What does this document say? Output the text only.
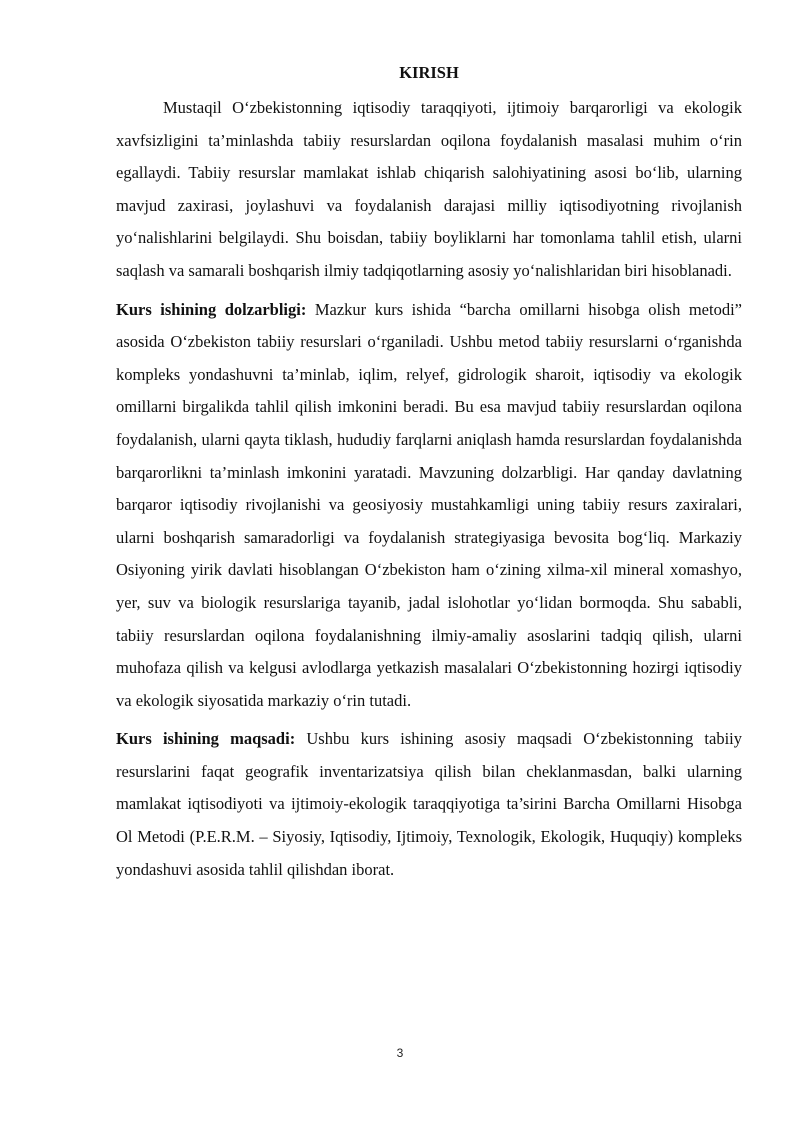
KIRISH

Mustaqil O‘zbekistonning iqtisodiy taraqqiyoti, ijtimoiy barqarorligi va ekologik xavfsizligini ta’minlashda tabiiy resurslardan oqilona foydalanish masalasi muhim o‘rin egallaydi. Tabiiy resurslar mamlakat ishlab chiqarish salohiyatining asosi bo‘lib, ularning mavjud zaxirasi, joylashuvi va foydalanish darajasi milliy iqtisodiyotning rivojlanish yo‘nalishlarini belgilaydi. Shu boisdan, tabiiy boyliklarni har tomonlama tahlil etish, ularni saqlash va samarali boshqarish ilmiy tadqiqotlarning asosiy yo‘nalishlaridan biri hisoblanadi.

Kurs ishining dolzarbligi: Mazkur kurs ishida “barcha omillarni hisobga olish metodi” asosida O‘zbekiston tabiiy resurslari o‘rganiladi. Ushbu metod tabiiy resurslarni o‘rganishda kompleks yondashuvni ta’minlab, iqlim, relyef, gidrologik sharoit, iqtisodiy va ekologik omillarni birgalikda tahlil qilish imkonini beradi. Bu esa mavjud tabiiy resurslardan oqilona foydalanish, ularni qayta tiklash, hududiy farqlarni aniqlash hamda resurslardan foydalanishda barqarorlikni ta’minlash imkonini yaratadi. Mavzuning dolzarbligi. Har qanday davlatning barqaror iqtisodiy rivojlanishi va geosiyosiy mustahkamligi uning tabiiy resurs zaxiralari, ularni boshqarish samaradorligi va foydalanish strategiyasiga bevosita bog‘liq. Markaziy Osiyoning yirik davlati hisoblangan O‘zbekiston ham o‘zining xilma-xil mineral xomashyo, yer, suv va biologik resurslariga tayanib, jadal islohotlar yo‘lidan bormoqda. Shu sababli, tabiiy resurslardan oqilona foydalanishning ilmiy-amaliy asoslarini tadqiq qilish, ularni muhofaza qilish va kelgusi avlodlarga yetkazish masalalari O‘zbekistonning hozirgi iqtisodiy va ekologik siyosatida markaziy o‘rin tutadi.

Kurs ishining maqsadi: Ushbu kurs ishining asosiy maqsadi O‘zbekistonning tabiiy resurslarini faqat geografik inventarizatsiya qilish bilan cheklanmasdan, balki ularning mamlakat iqtisodiyoti va ijtimoiy-ekologik taraqqiyotiga ta’sirini Barcha Omillarni Hisobga Ol Metodi (P.E.R.M. – Siyosiy, Iqtisodiy, Ijtimoiy, Texnologik, Ekologik, Huquqiy) kompleks yondashuvi asosida tahlil qilishdan iborat.

3
